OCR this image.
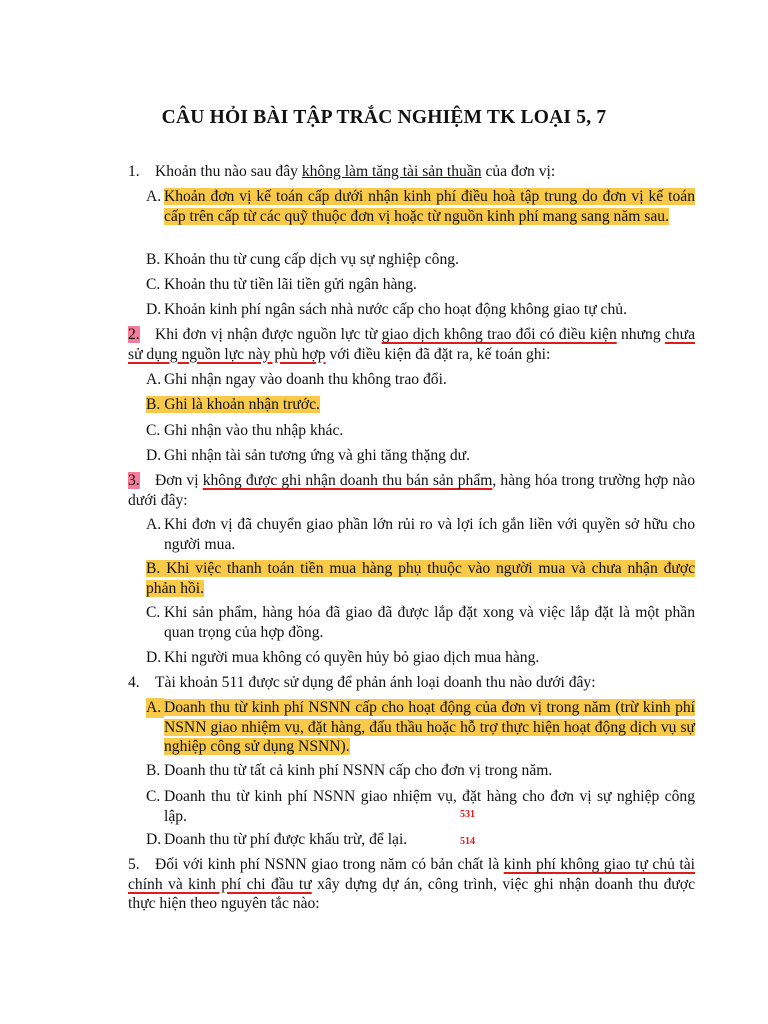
CÂU HỎI BÀI TẬP TRẮC NGHIỆM TK LOẠI 5, 7
1. Khoản thu nào sau đây không làm tăng tài sản thuần của đơn vị:
A. Khoản đơn vị kế toán cấp dưới nhận kinh phí điều hoà tập trung do đơn vị kế toán cấp trên cấp từ các quỹ thuộc đơn vị hoặc từ nguồn kinh phí mang sang năm sau.
B. Khoản thu từ cung cấp dịch vụ sự nghiệp công.
C. Khoản thu từ tiền lãi tiền gửi ngân hàng.
D. Khoản kinh phí ngân sách nhà nước cấp cho hoạt động không giao tự chủ.
2. Khi đơn vị nhận được nguồn lực từ giao dịch không trao đổi có điều kiện nhưng chưa sử dụng nguồn lực này phù hợp với điều kiện đã đặt ra, kế toán ghi:
A. Ghi nhận ngay vào doanh thu không trao đổi.
B. Ghi là khoản nhận trước.
C. Ghi nhận vào thu nhập khác.
D. Ghi nhận tài sản tương ứng và ghi tăng thặng dư.
3. Đơn vị không được ghi nhận doanh thu bán sản phẩm, hàng hóa trong trường hợp nào dưới đây:
A. Khi đơn vị đã chuyển giao phần lớn rủi ro và lợi ích gắn liền với quyền sở hữu cho người mua.
B. Khi việc thanh toán tiền mua hàng phụ thuộc vào người mua và chưa nhận được phản hồi.
C. Khi sản phẩm, hàng hóa đã giao đã được lắp đặt xong và việc lắp đặt là một phần quan trọng của hợp đồng.
D. Khi người mua không có quyền hủy bỏ giao dịch mua hàng.
4. Tài khoản 511 được sử dụng để phản ánh loại doanh thu nào dưới đây:
A. Doanh thu từ kinh phí NSNN cấp cho hoạt động của đơn vị trong năm (trừ kinh phí NSNN giao nhiệm vụ, đặt hàng, đấu thầu hoặc hỗ trợ thực hiện hoạt động dịch vụ sự nghiệp công sử dụng NSNN).
B. Doanh thu từ tất cả kinh phí NSNN cấp cho đơn vị trong năm.
C. Doanh thu từ kinh phí NSNN giao nhiệm vụ, đặt hàng cho đơn vị sự nghiệp công lập.	531
D. Doanh thu từ phí được khấu trừ, để lại.	514
5. Đối với kinh phí NSNN giao trong năm có bản chất là kinh phí không giao tự chủ tài chính và kinh phí chi đầu tư xây dựng dự án, công trình, việc ghi nhận doanh thu được thực hiện theo nguyên tắc nào:
